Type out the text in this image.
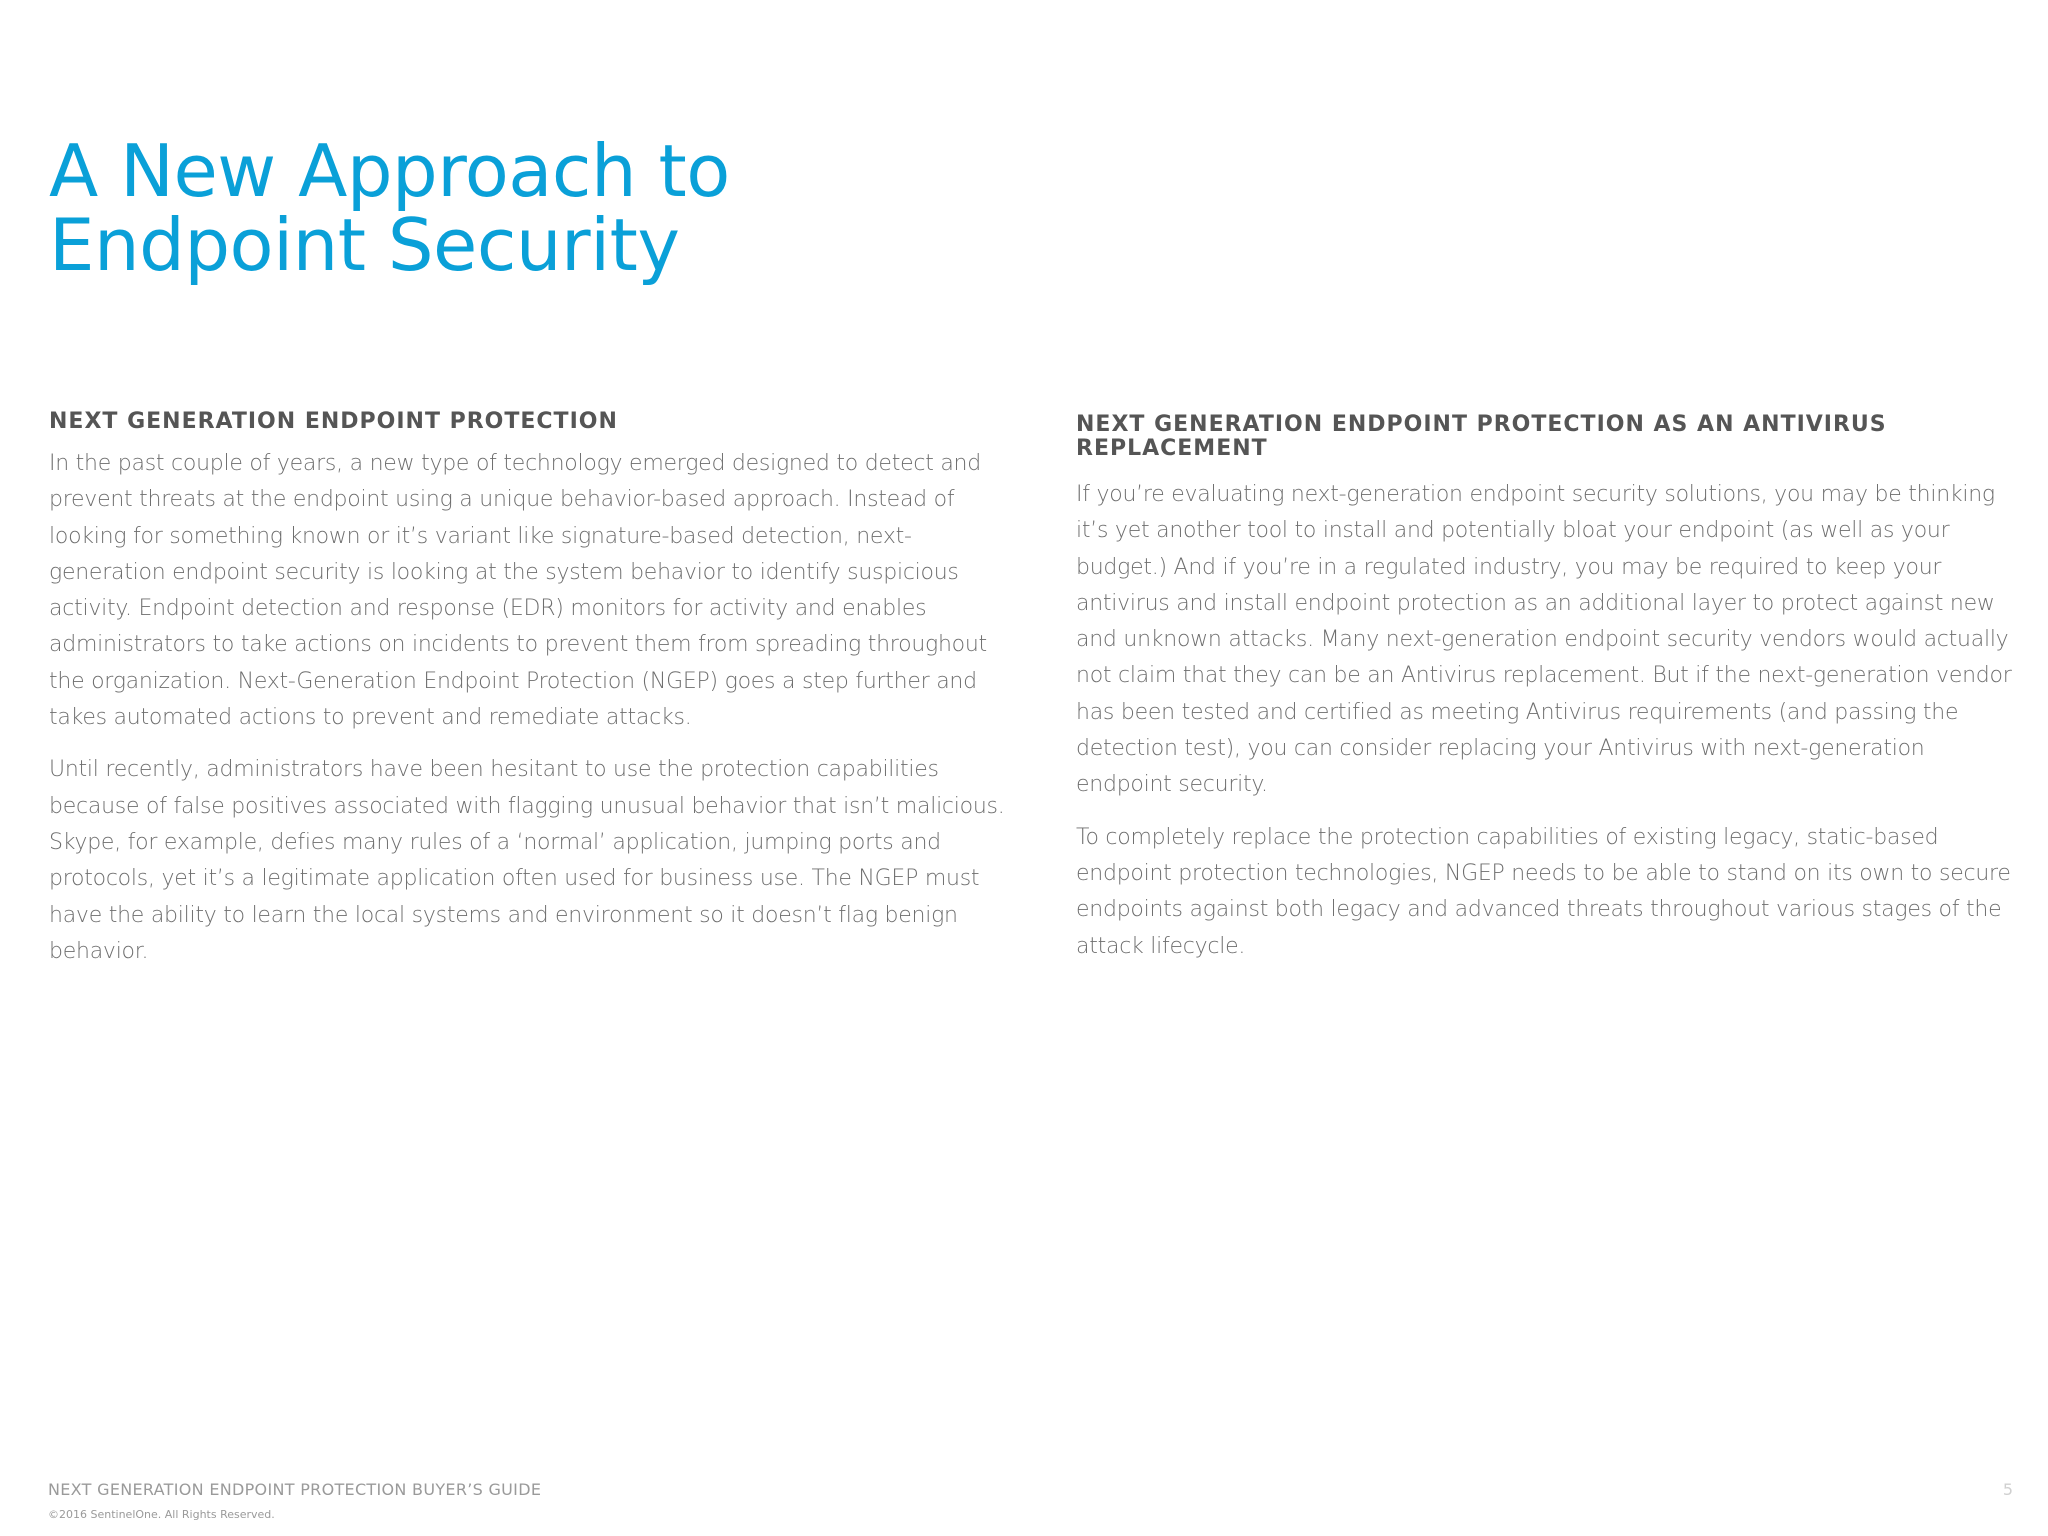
A New Approach to
Endpoint Security
NEXT GENERATION ENDPOINT PROTECTION

In the past couple of years, a new type of technology emerged designed to detect and prevent threats at the endpoint using a unique behavior-based approach. Instead of looking for something known or it’s variant like signature-based detection, next-generation endpoint security is looking at the system behavior to identify suspicious activity. Endpoint detection and response (EDR) monitors for activity and enables administrators to take actions on incidents to prevent them from spreading throughout the organization. Next-Generation Endpoint Protection (NGEP) goes a step further and takes automated actions to prevent and remediate attacks.

Until recently, administrators have been hesitant to use the protection capabilities because of false positives associated with flagging unusual behavior that isn’t malicious. Skype, for example, defies many rules of a ‘normal’ application, jumping ports and protocols, yet it’s a legitimate application often used for business use. The NGEP must have the ability to learn the local systems and environment so it doesn’t flag benign behavior.

NEXT GENERATION ENDPOINT PROTECTION AS AN ANTIVIRUS REPLACEMENT

If you’re evaluating next-generation endpoint security solutions, you may be thinking it’s yet another tool to install and potentially bloat your endpoint (as well as your budget.) And if you’re in a regulated industry, you may be required to keep your antivirus and install endpoint protection as an additional layer to protect against new and unknown attacks. Many next-generation endpoint security vendors would actually not claim that they can be an Antivirus replacement. But if the next-generation vendor has been tested and certified as meeting Antivirus requirements (and passing the detection test), you can consider replacing your Antivirus with next-generation endpoint security.

To completely replace the protection capabilities of existing legacy, static-based endpoint protection technologies, NGEP needs to be able to stand on its own to secure endpoints against both legacy and advanced threats throughout various stages of the attack lifecycle.

NEXT GENERATION ENDPOINT PROTECTION BUYER’S GUIDE
©2016 SentinelOne. All Rights Reserved.
5
